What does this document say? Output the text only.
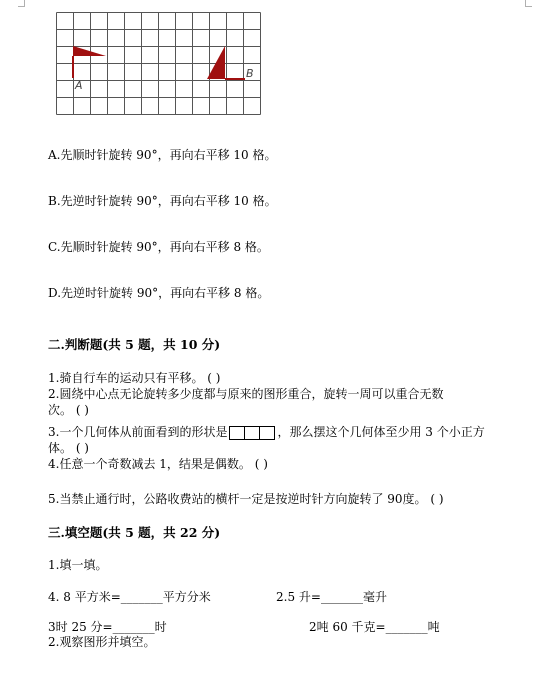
A
B
A.先顺时针旋转 90°，再向右平移 10 格。
B.先逆时针旋转 90°，再向右平移 10 格。
C.先顺时针旋转 90°，再向右平移 8 格。
D.先逆时针旋转 90°，再向右平移 8 格。
二.判断题(共 5 题，共 10 分)
1.骑自行车的运动只有平移。 ( )
2.圆绕中心点无论旋转多少度都与原来的图形重合，旋转一周可以重合无数
次。 ( )
3.一个几何体从前面看到的形状是	，那么摆这个几何体至少用 3 个小正方
体。 ( )
4.任意一个奇数减去 1，结果是偶数。 ( )
5.当禁止通行时，公路收费站的横杆一定是按逆时针方向旋转了 90度。 ( )
三.填空题(共 5 题，共 22 分)
1.填一填。
4. 8 平方米=_______平方分米	2.5 升=_______毫升
3时 25 分=_______时	2吨 60 千克=_______吨
2.观察图形并填空。
